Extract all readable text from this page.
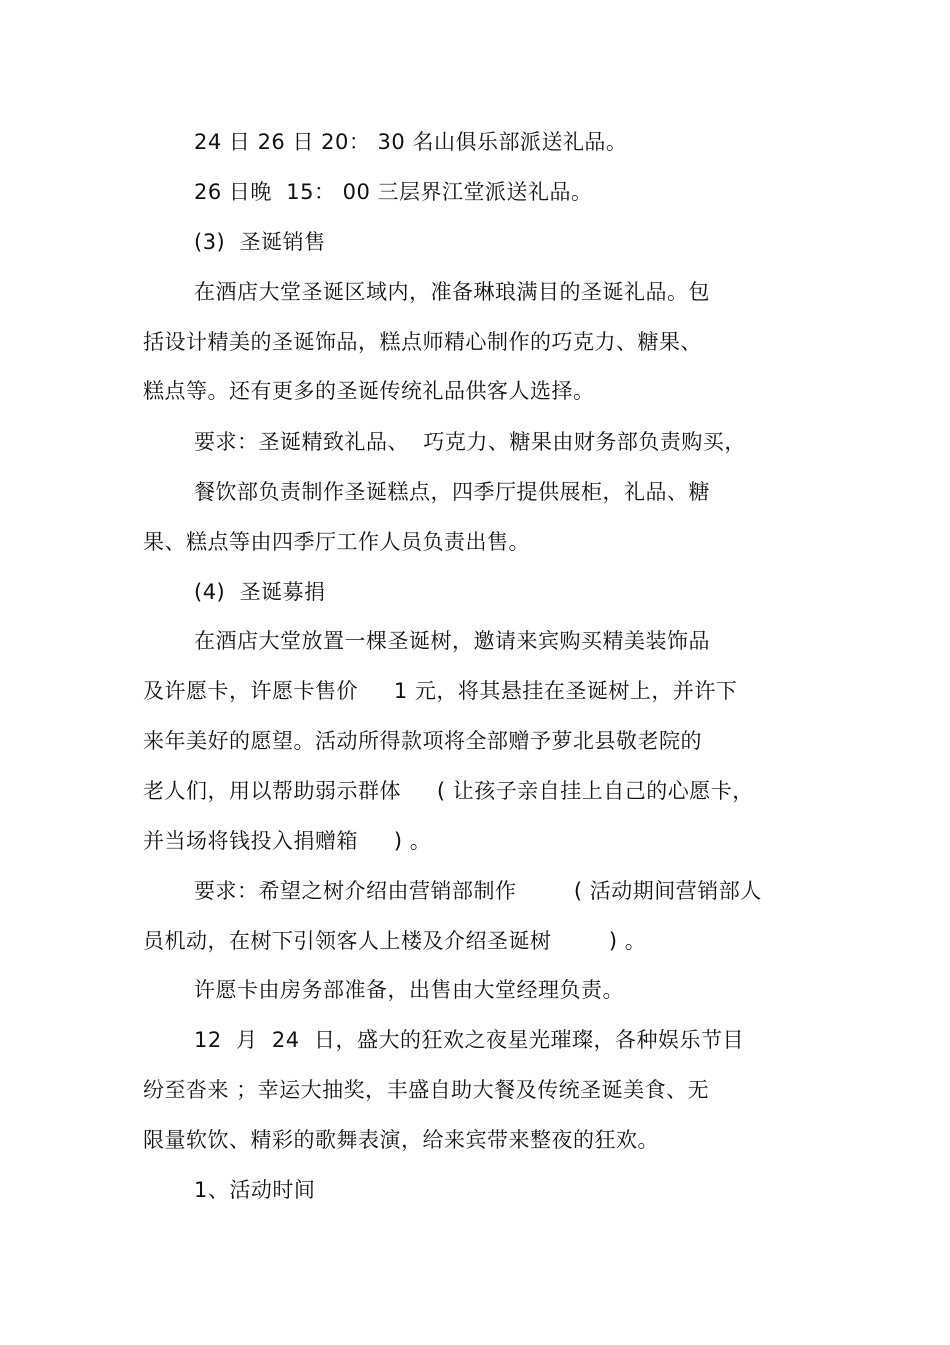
24 日 26 日 20： 30 名山俱乐部派送礼品。
26 日晚  15： 00 三层界江堂派送礼品。
(3)  圣诞销售
在酒店大堂圣诞区域内，准备琳琅满目的圣诞礼品。包
括设计精美的圣诞饰品，糕点师精心制作的巧克力、糖果、
糕点等。还有更多的圣诞传统礼品供客人选择。
要求：圣诞精致礼品、  巧克力、糖果由财务部负责购买，
餐饮部负责制作圣诞糕点，四季厅提供展柜，礼品、糖
果、糕点等由四季厅工作人员负责出售。
(4)  圣诞募捐
在酒店大堂放置一棵圣诞树，邀请来宾购买精美装饰品
及许愿卡，许愿卡售价     1 元，将其悬挂在圣诞树上，并许下
来年美好的愿望。活动所得款项将全部赠予萝北县敬老院的
老人们，用以帮助弱示群体     ( 让孩子亲自挂上自己的心愿卡，
并当场将钱投入捐赠箱     ) 。
要求：希望之树介绍由营销部制作        ( 活动期间营销部人
员机动，在树下引领客人上楼及介绍圣诞树        ) 。
许愿卡由房务部准备，出售由大堂经理负责。
12  月  24  日，盛大的狂欢之夜星光璀璨，各种娱乐节目
纷至沓来 ；幸运大抽奖，丰盛自助大餐及传统圣诞美食、无
限量软饮、精彩的歌舞表演，给来宾带来整夜的狂欢。
1、活动时间
